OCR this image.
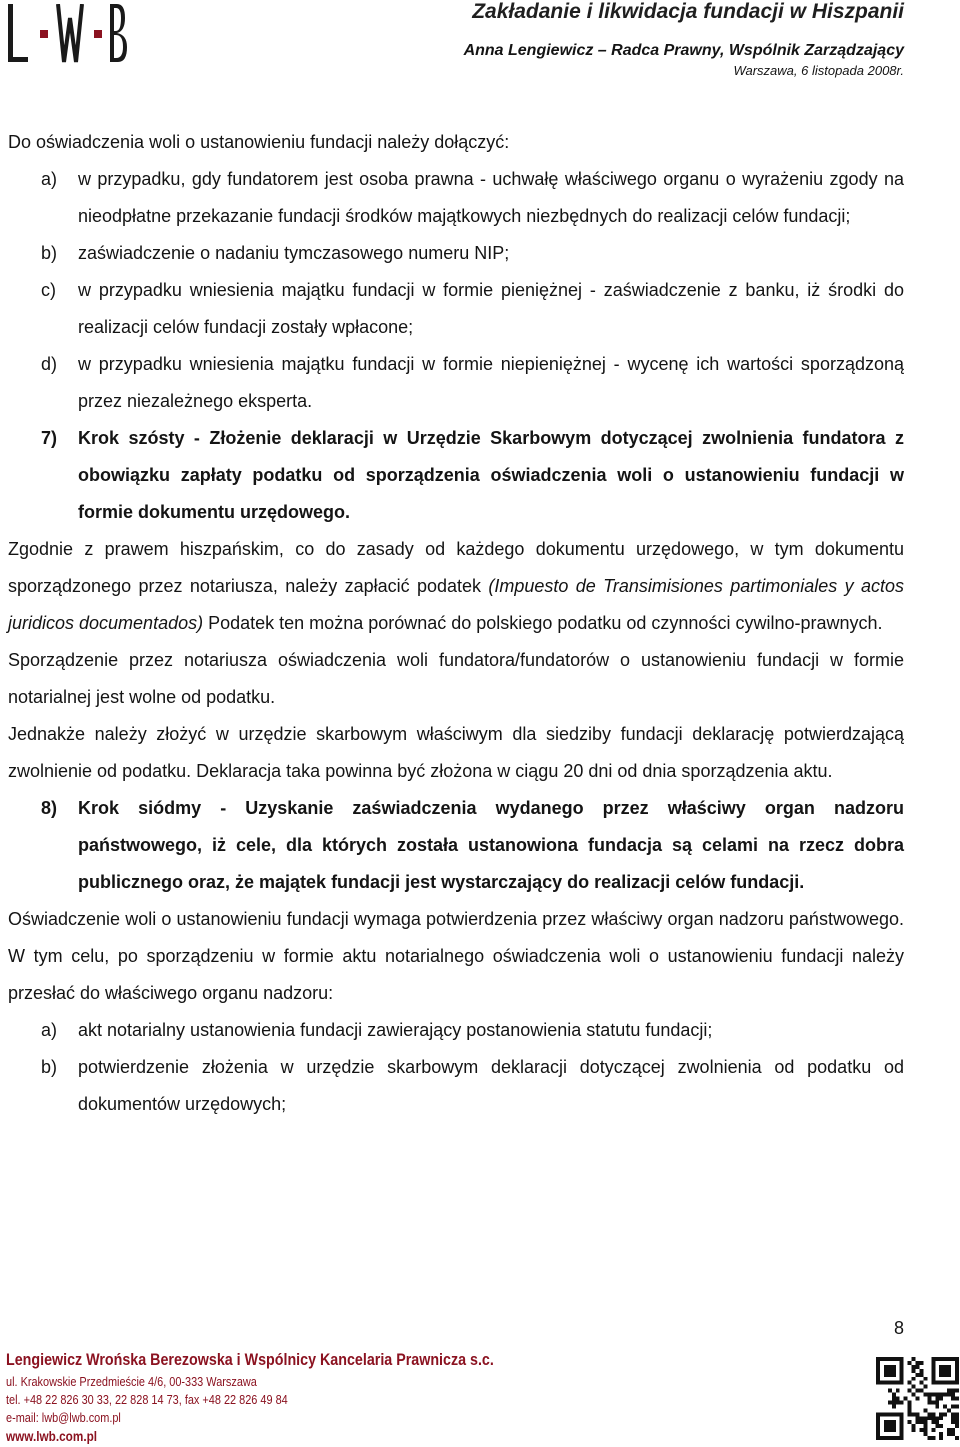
Zakładanie i likwidacja fundacji w Hiszpanii
Anna Lengiewicz – Radca Prawny, Wspólnik Zarządzający
Warszawa, 6 listopada 2008r.

Do oświadczenia woli o ustanowieniu fundacji należy dołączyć:

a) w przypadku, gdy fundatorem jest osoba prawna - uchwałę właściwego organu o wyrażeniu zgody na nieodpłatne przekazanie fundacji środków majątkowych niezbędnych do realizacji celów fundacji;
b) zaświadczenie o nadaniu tymczasowego numeru NIP;
c) w przypadku wniesienia majątku fundacji w formie pieniężnej - zaświadczenie z banku, iż środki do realizacji celów fundacji zostały wpłacone;
d) w przypadku wniesienia majątku fundacji w formie niepieniężnej - wycenę ich wartości sporządzoną przez niezależnego eksperta.
7) Krok szósty - Złożenie deklaracji w Urzędzie Skarbowym dotyczącej zwolnienia fundatora z obowiązku zapłaty podatku od sporządzenia oświadczenia woli o ustanowieniu fundacji w formie dokumentu urzędowego.

Zgodnie z prawem hiszpańskim, co do zasady od każdego dokumentu urzędowego, w tym dokumentu sporządzonego przez notariusza, należy zapłacić podatek (Impuesto de Transimisiones partimoniales y actos juridicos documentados) Podatek ten można porównać do polskiego podatku od czynności cywilno-prawnych.

Sporządzenie przez notariusza oświadczenia woli fundatora/fundatorów o ustanowieniu fundacji w formie notarialnej jest wolne od podatku.

Jednakże należy złożyć w urzędzie skarbowym właściwym dla siedziby fundacji deklarację potwierdzającą zwolnienie od podatku. Deklaracja taka powinna być złożona w ciągu 20 dni od dnia sporządzenia aktu.

8) Krok siódmy - Uzyskanie zaświadczenia wydanego przez właściwy organ nadzoru państwowego, iż cele, dla których została ustanowiona fundacja są celami na rzecz dobra publicznego oraz, że majątek fundacji jest wystarczający do realizacji celów fundacji.

Oświadczenie woli o ustanowieniu fundacji wymaga potwierdzenia przez właściwy organ nadzoru państwowego. W tym celu, po sporządzeniu w formie aktu notarialnego oświadczenia woli o ustanowieniu fundacji należy przesłać do właściwego organu nadzoru:

a) akt notarialny ustanowienia fundacji zawierający postanowienia statutu fundacji;
b) potwierdzenie złożenia w urzędzie skarbowym deklaracji dotyczącej zwolnienia od podatku od dokumentów urzędowych;
8
Lengiewicz Wrońska Berezowska i Wspólnicy Kancelaria Prawnicza s.c.
ul. Krakowskie Przedmieście 4/6, 00-333 Warszawa
tel. +48 22 826 30 33, 22 828 14 73, fax +48 22 826 49 84
e-mail: lwb@lwb.com.pl
www.lwb.com.pl
